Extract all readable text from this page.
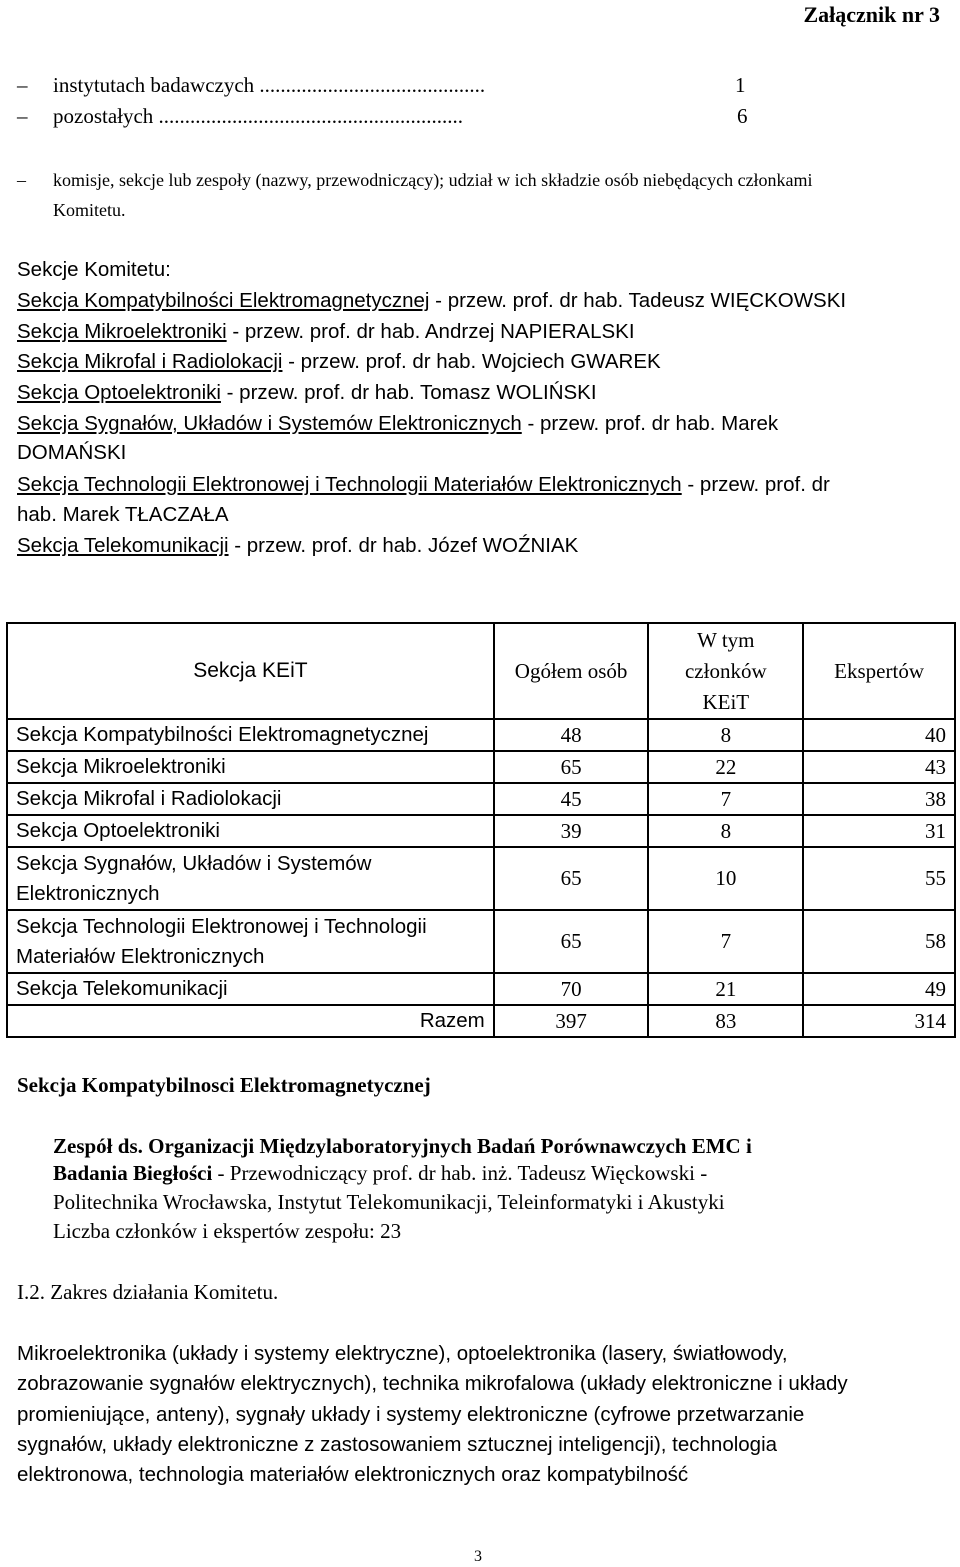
Załącznik nr 3
– instytutach badawczych ...........................................	1
– pozostałych ..........................................................	6
– komisje, sekcje lub zespoły (nazwy, przewodniczący); udział w ich składzie osób niebędących członkami
Komitetu.
Sekcje Komitetu:
Sekcja Kompatybilności Elektromagnetycznej - przew. prof. dr hab. Tadeusz WIĘCKOWSKI
Sekcja Mikroelektroniki - przew. prof. dr hab. Andrzej NAPIERALSKI
Sekcja Mikrofal i Radiolokacji - przew. prof. dr hab. Wojciech GWAREK
Sekcja Optoelektroniki - przew. prof. dr hab. Tomasz WOLIŃSKI
Sekcja Sygnałów, Układów i Systemów Elektronicznych - przew. prof. dr hab. Marek
DOMAŃSKI
Sekcja Technologii Elektronowej i Technologii Materiałów Elektronicznych - przew. prof. dr
hab. Marek TŁACZAŁA
Sekcja Telekomunikacji - przew. prof. dr hab. Józef WOŹNIAK
Sekcja KEiT	Ogółem osób	W tym
członków
KEiT	Ekspertów
Sekcja Kompatybilności Elektromagnetycznej	48	8	40
Sekcja Mikroelektroniki	65	22	43
Sekcja Mikrofal i Radiolokacji	45	7	38
Sekcja Optoelektroniki	39	8	31
Sekcja Sygnałów, Układów i Systemów
Elektronicznych	65	10	55
Sekcja Technologii Elektronowej i Technologii
Materiałów Elektronicznych	65	7	58
Sekcja Telekomunikacji	70	21	49
Razem	397	83	314
Sekcja Kompatybilnosci Elektromagnetycznej
Zespół ds. Organizacji Międzylaboratoryjnych Badań Porównawczych EMC i
Badania Biegłości - Przewodniczący prof. dr hab. inż. Tadeusz Więckowski -
Politechnika Wrocławska, Instytut Telekomunikacji, Teleinformatyki i Akustyki
Liczba członków i ekspertów zespołu: 23
I.2. Zakres działania Komitetu.
Mikroelektronika (układy i systemy elektryczne), optoelektronika (lasery, światłowody,
zobrazowanie sygnałów elektrycznych), technika mikrofalowa (układy elektroniczne i układy
promieniujące, anteny), sygnały układy i systemy elektroniczne (cyfrowe przetwarzanie
sygnałów, układy elektroniczne z zastosowaniem sztucznej inteligencji), technologia
elektronowa, technologia materiałów elektronicznych oraz kompatybilność
3
